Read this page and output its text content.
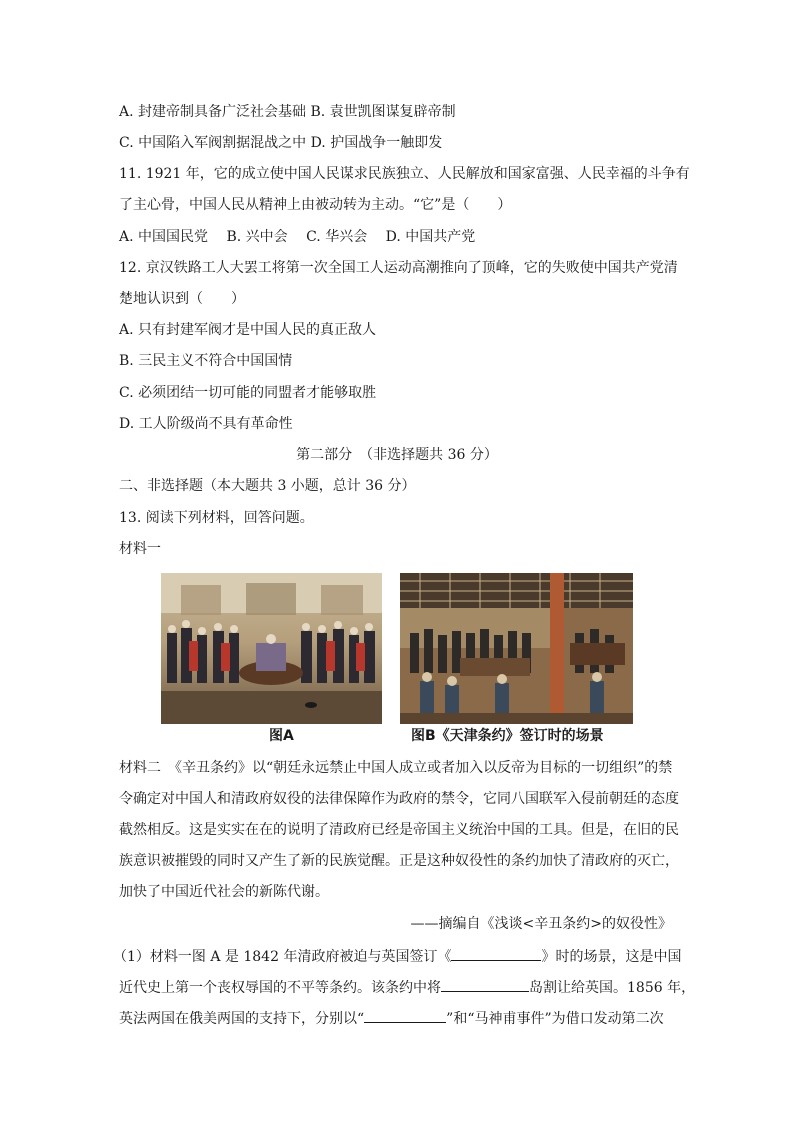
A. 封建帝制具备广泛社会基础 B. 袁世凯图谋复辟帝制
C. 中国陷入军阀割据混战之中 D. 护国战争一触即发
11. 1921 年，它的成立使中国人民谋求民族独立、人民解放和国家富强、人民幸福的斗争有
了主心骨，中国人民从精神上由被动转为主动。“它”是（　　）
A. 中国国民党　 B. 兴中会　 C. 华兴会　 D. 中国共产党
12. 京汉铁路工人大罢工将第一次全国工人运动高潮推向了顶峰，它的失败使中国共产党清
楚地认识到（　　）
A. 只有封建军阀才是中国人民的真正敌人
B. 三民主义不符合中国国情
C. 必须团结一切可能的同盟者才能够取胜
D. 工人阶级尚不具有革命性
第二部分　（非选择题共 36 分）
二、非选择题（本大题共 3 小题，总计 36 分）
13. 阅读下列材料，回答问题。
材料一
图A	图B《天津条约》签订时的场景
材料二　《辛丑条约》以“朝廷永远禁止中国人成立或者加入以反帝为目标的一切组织”的禁
令确定对中国人和清政府奴役的法律保障作为政府的禁令，它同八国联军入侵前朝廷的态度
截然相反。这是实实在在的说明了清政府已经是帝国主义统治中国的工具。但是，在旧的民
族意识被摧毁的同时又产生了新的民族觉醒。正是这种奴役性的条约加快了清政府的灭亡，
加快了中国近代社会的新陈代谢。
——摘编自《浅谈<辛丑条约>的奴役性》
（1）材料一图 A 是 1842 年清政府被迫与英国签订《	》时的场景，这是中国
近代史上第一个丧权辱国的不平等条约。该条约中将	岛割让给英国。1856 年，
英法两国在俄美两国的支持下，分别以“	”和“马神甫事件”为借口发动第二次
